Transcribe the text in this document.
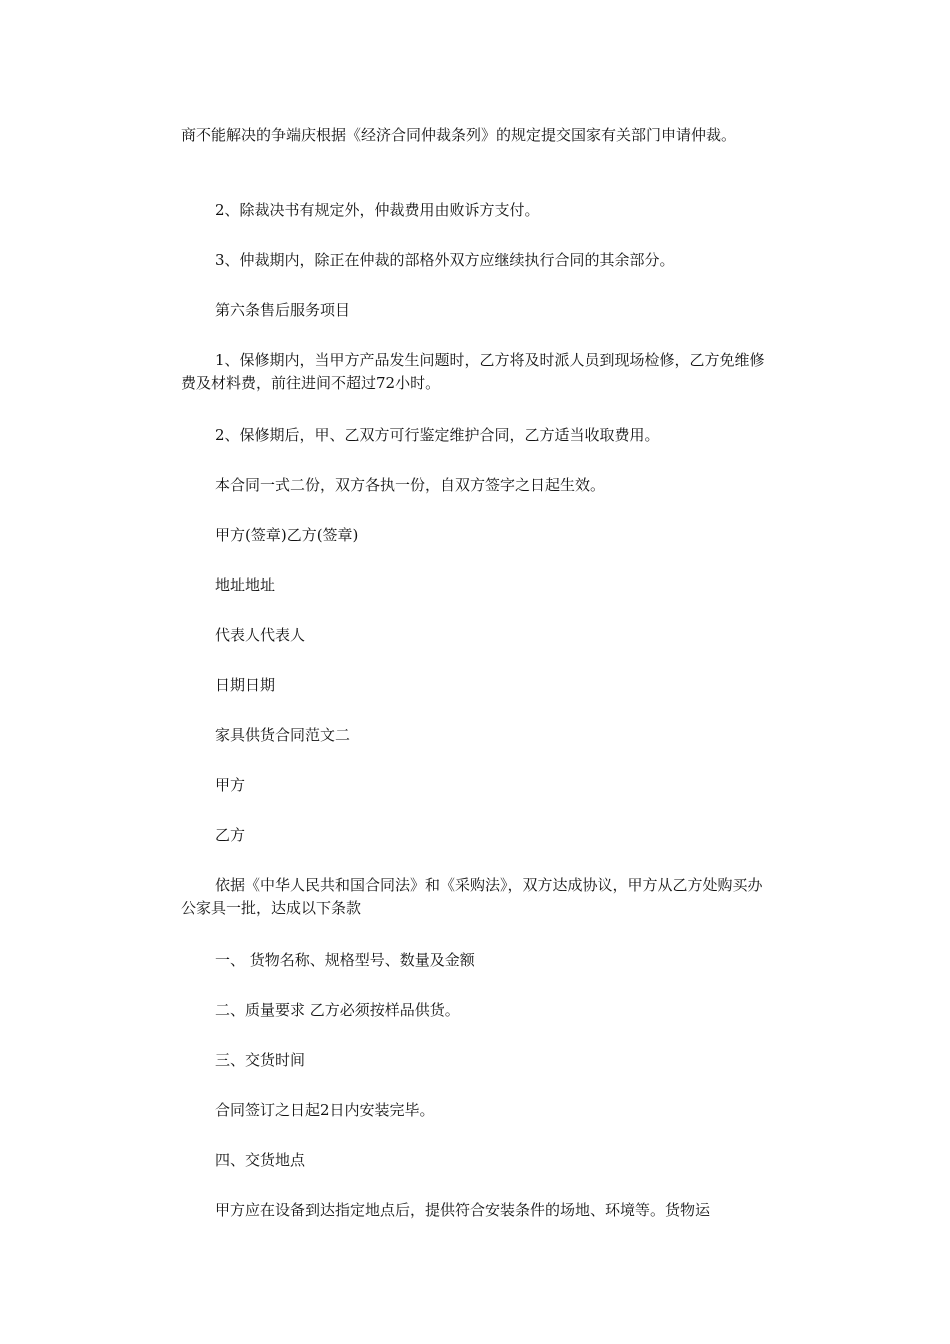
商不能解决的争端庆根据《经济合同仲裁条列》的规定提交国家有关部门申请仲裁。

2、除裁决书有规定外，仲裁费用由败诉方支付。

3、仲裁期内，除正在仲裁的部格外双方应继续执行合同的其余部分。

第六条售后服务项目

1、保修期内，当甲方产品发生问题时，乙方将及时派人员到现场检修，乙方免维修费及材料费，前往进间不超过72小时。

2、保修期后，甲、乙双方可行鉴定维护合同，乙方适当收取费用。

本合同一式二份，双方各执一份，自双方签字之日起生效。

甲方(签章)乙方(签章)

地址地址

代表人代表人

日期日期

家具供货合同范文二

甲方

乙方

依据《中华人民共和国合同法》和《采购法》，双方达成协议，甲方从乙方处购买办公家具一批，达成以下条款

一、 货物名称、规格型号、数量及金额

二、质量要求 乙方必须按样品供货。

三、交货时间

合同签订之日起2日内安装完毕。

四、交货地点

甲方应在设备到达指定地点后，提供符合安装条件的场地、环境等。货物运
